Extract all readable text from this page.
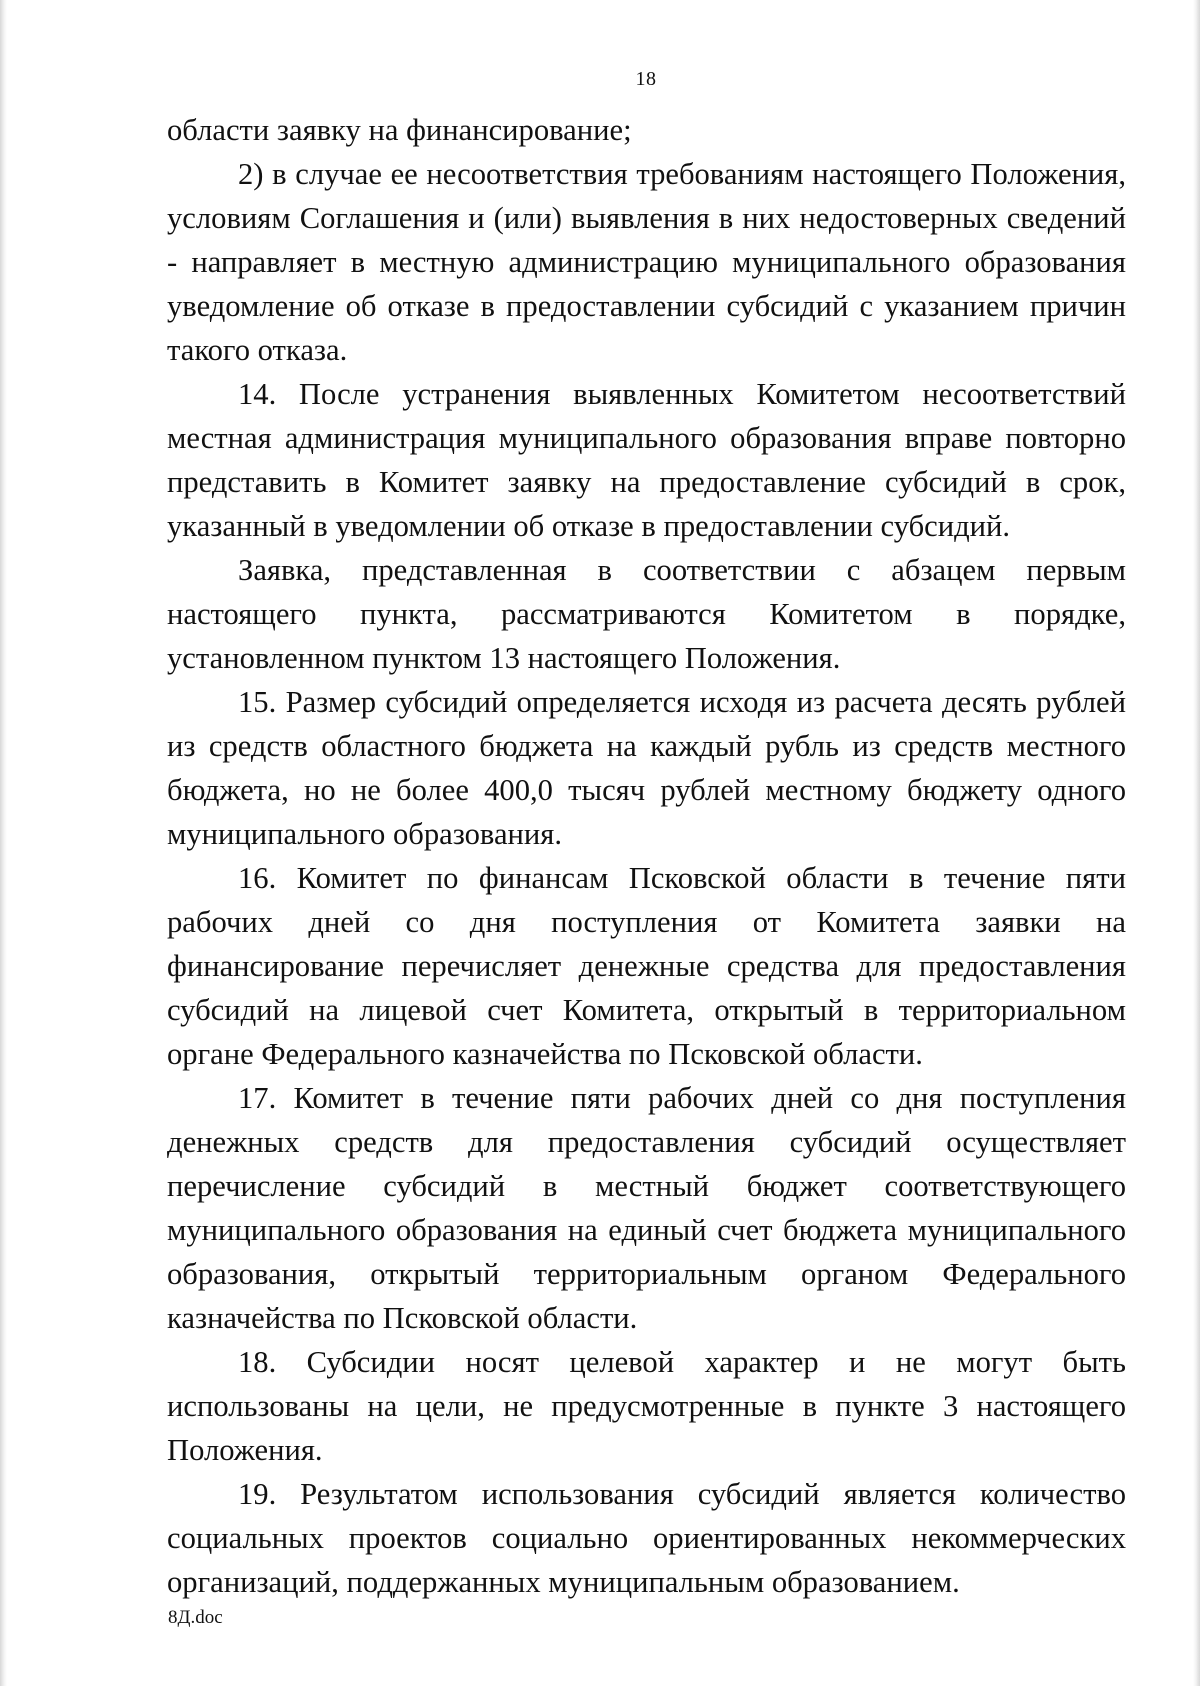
18

области заявку на финансирование;

2) в случае ее несоответствия требованиям настоящего Положения, условиям Соглашения и (или) выявления в них недостоверных сведений - направляет в местную администрацию муниципального образования уведомление об отказе в предоставлении субсидий с указанием причин такого отказа.

14. После устранения выявленных Комитетом несоответствий местная администрация муниципального образования вправе повторно представить в Комитет заявку на предоставление субсидий в срок, указанный в уведомлении об отказе в предоставлении субсидий.

Заявка, представленная в соответствии с абзацем первым настоящего пункта, рассматриваются Комитетом в порядке, установленном пунктом 13 настоящего Положения.

15. Размер субсидий определяется исходя из расчета десять рублей из средств областного бюджета на каждый рубль из средств местного бюджета, но не более 400,0 тысяч рублей местному бюджету одного муниципального образования.

16. Комитет по финансам Псковской области в течение пяти рабочих дней со дня поступления от Комитета заявки на финансирование перечисляет денежные средства для предоставления субсидий на лицевой счет Комитета, открытый в территориальном органе Федерального казначейства по Псковской области.

17. Комитет в течение пяти рабочих дней со дня поступления денежных средств для предоставления субсидий осуществляет перечисление субсидий в местный бюджет соответствующего муниципального образования на единый счет бюджета муниципального образования, открытый территориальным органом Федерального казначейства по Псковской области.

18. Субсидии носят целевой характер и не могут быть использованы на цели, не предусмотренные в пункте 3 настоящего Положения.

19. Результатом использования субсидий является количество социальных проектов социально ориентированных некоммерческих организаций, поддержанных муниципальным образованием.

8Д.doc
